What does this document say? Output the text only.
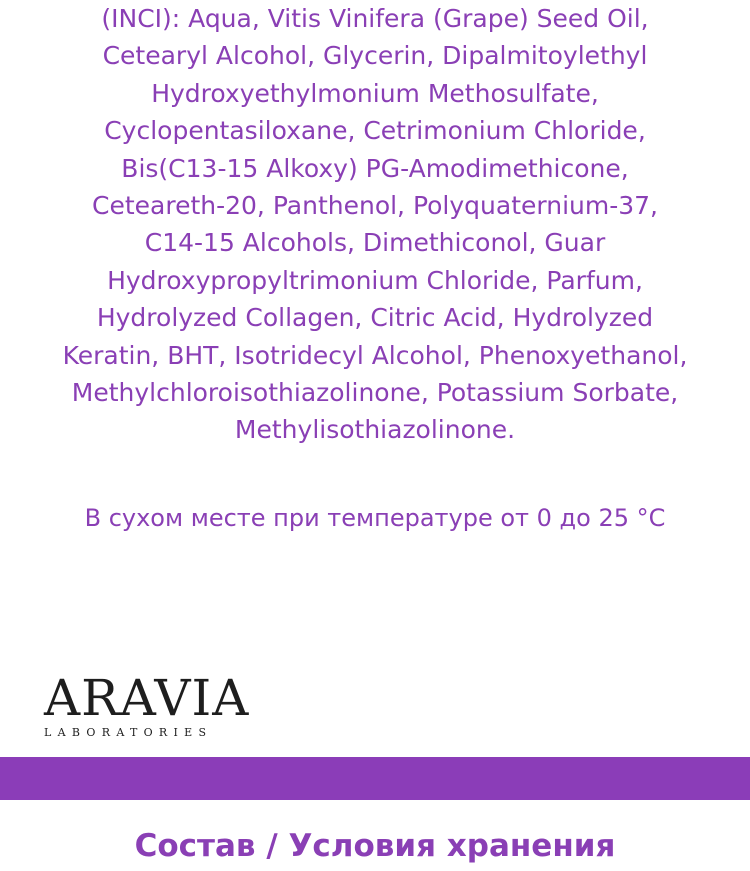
(INCI): Aqua, Vitis Vinifera (Grape) Seed Oil,
Cetearyl Alcohol, Glycerin, Dipalmitoylethyl
Hydroxyethylmonium Methosulfate,
Cyclopentasiloxane, Cetrimonium Chloride,
Bis(C13-15 Alkoxy) PG-Amodimethicone,
Ceteareth-20, Panthenol, Polyquaternium-37,
C14-15 Alcohols, Dimethiconol, Guar
Hydroxypropyltrimonium Chloride, Parfum,
Hydrolyzed Collagen, Citric Acid, Hydrolyzed
Keratin, BHT, Isotridecyl Alcohol, Phenoxyethanol,
Methylchloroisothiazolinone, Potassium Sorbate,
Methylisothiazolinone.
В сухом месте при температуре от 0 до 25 °C
ARAVIA
LABORATORIES
Состав / Условия хранения
